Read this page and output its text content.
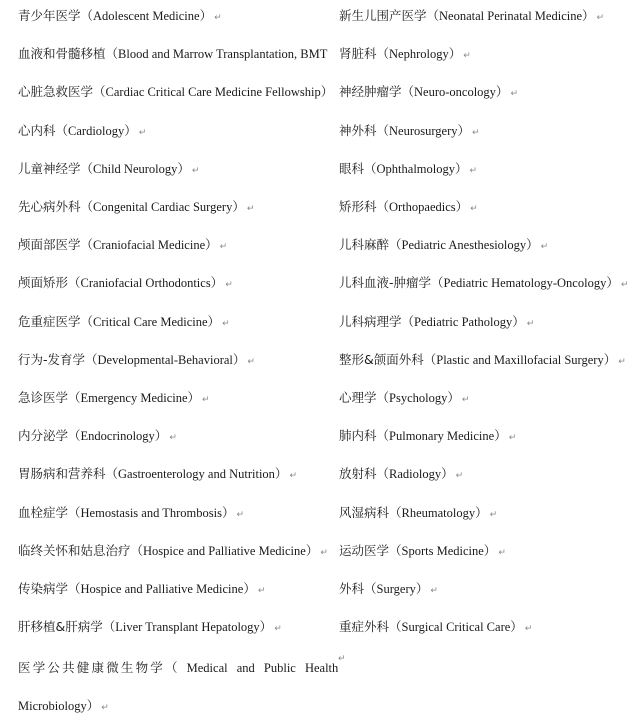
青少年医学（Adolescent Medicine） ↵
血液和骨髓移植（Blood and Marrow Transplantation, BMT
心脏急救医学（Cardiac Critical Care Medicine Fellowship）
心内科（Cardiology） ↵
儿童神经学（Child Neurology） ↵
先心病外科（Congenital Cardiac Surgery） ↵
颅面部医学（Craniofacial Medicine） ↵
颅面矫形（Craniofacial Orthodontics） ↵
危重症医学（Critical Care Medicine） ↵
行为-发育学（Developmental-Behavioral） ↵
急诊医学（Emergency Medicine） ↵
内分泌学（Endocrinology） ↵
胃肠病和营养科（Gastroenterology and Nutrition） ↵
血栓症学（Hemostasis and Thrombosis） ↵
临终关怀和姑息治疗（Hospice and Palliative Medicine） ↵
传染病学（Hospice and Palliative Medicine） ↵
肝移植&肝病学（Liver Transplant Hepatology） ↵
新生儿围产医学（Neonatal Perinatal Medicine） ↵
肾脏科（Nephrology） ↵
神经肿瘤学（Neuro-oncology） ↵
神外科（Neurosurgery） ↵
眼科（Ophthalmology） ↵
矫形科（Orthopaedics） ↵
儿科麻醉（Pediatric Anesthesiology） ↵
儿科血液-肿瘤学（Pediatric Hematology-Oncology） ↵
儿科病理学（Pediatric Pathology） ↵
整形&颌面外科（Plastic and Maxillofacial Surgery） ↵
心理学（Psychology） ↵
肺内科（Pulmonary Medicine） ↵
放射科（Radiology） ↵
风湿病科（Rheumatology） ↵
运动医学（Sports Medicine） ↵
外科（Surgery） ↵
重症外科（Surgical Critical Care） ↵
医学公共健康微生物学（ Medical and Public Health
↵
Microbiology） ↵
